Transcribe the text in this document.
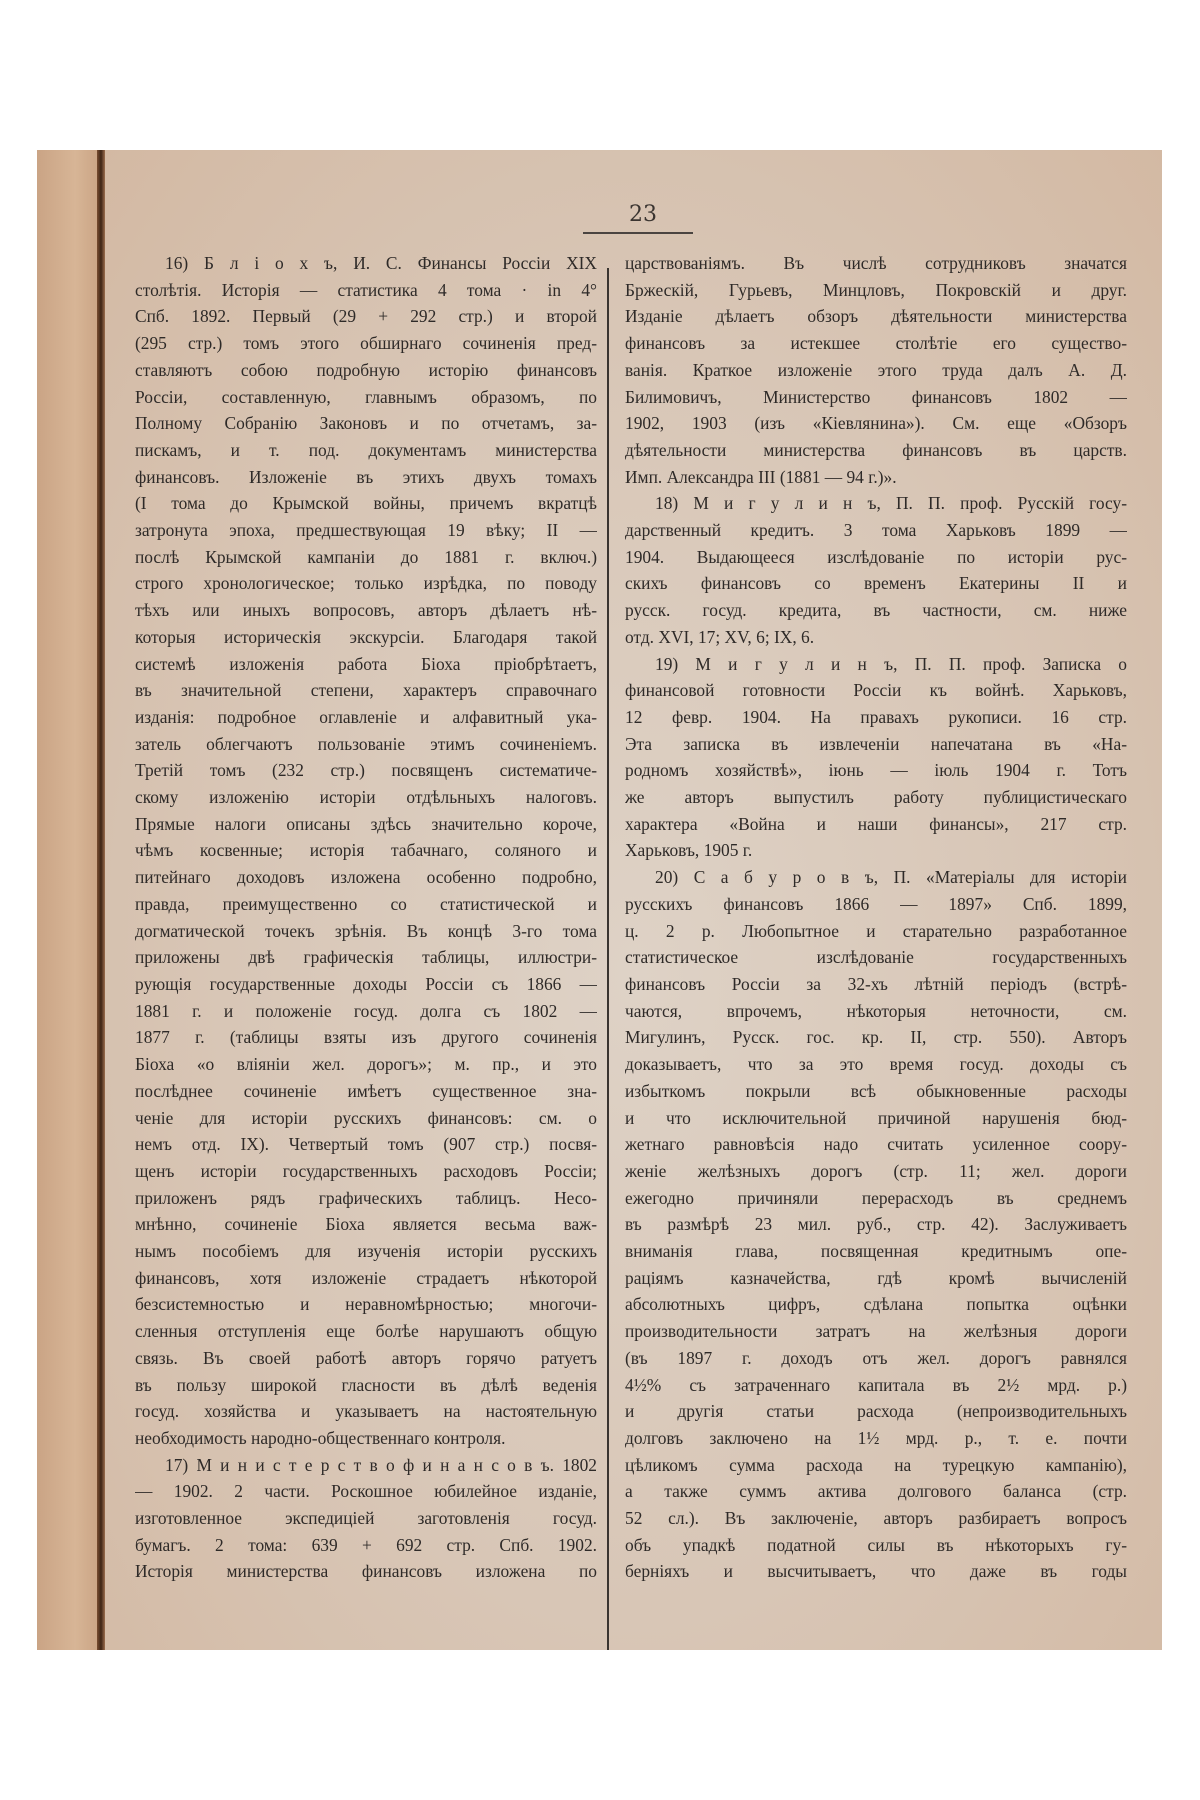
23
16) Б л і о х ъ, И. С. Финансы Россіи XIX
столѣтія. Исторія — статистика 4 тома · in 4°
Спб. 1892. Первый (29 + 292 стр.) и второй
(295 стр.) томъ этого обширнаго сочиненія пред-
ставляютъ собою подробную исторію финансовъ
Россіи, составленную, главнымъ образомъ, по
Полному Собранію Законовъ и по отчетамъ, за-
пискамъ, и т. под. документамъ министерства
финансовъ. Изложеніе въ этихъ двухъ томахъ
(I тома до Крымской войны, причемъ вкратцѣ
затронута эпоха, предшествующая 19 вѣку; II —
послѣ Крымской кампаніи до 1881 г. включ.)
строго хронологическое; только изрѣдка, по поводу
тѣхъ или иныхъ вопросовъ, авторъ дѣлаетъ нѣ-
которыя историческія экскурсіи. Благодаря такой
системѣ изложенія работа Біоха пріобрѣтаетъ,
въ значительной степени, характеръ справочнаго
изданія: подробное оглавленіе и алфавитный ука-
затель облегчаютъ пользованіе этимъ сочиненіемъ.
Третій томъ (232 стр.) посвященъ систематиче-
скому изложенію исторіи отдѣльныхъ налоговъ.
Прямые налоги описаны здѣсь значительно короче,
чѣмъ косвенные; исторія табачнаго, соляного и
питейнаго доходовъ изложена особенно подробно,
правда, преимущественно со статистической и
догматической точекъ зрѣнія. Въ концѣ 3-го тома
приложены двѣ графическія таблицы, иллюстри-
рующія государственные доходы Россіи съ 1866 —
1881 г. и положеніе госуд. долга съ 1802 —
1877 г. (таблицы взяты изъ другого сочиненія
Біоха «о вліяніи жел. дорогъ»; м. пр., и это
послѣднее сочиненіе имѣетъ существенное зна-
ченіе для исторіи русскихъ финансовъ: см. о
немъ отд. IX). Четвертый томъ (907 стр.) посвя-
щенъ исторіи государственныхъ расходовъ Россіи;
приложенъ рядъ графическихъ таблицъ. Несо-
мнѣнно, сочиненіе Біоха является весьма важ-
нымъ пособіемъ для изученія исторіи русскихъ
финансовъ, хотя изложеніе страдаетъ нѣкоторой
безсистемностью и неравномѣрностью; многочи-
сленныя отступленія еще болѣе нарушаютъ общую
связь. Въ своей работѣ авторъ горячо ратуетъ
въ пользу широкой гласности въ дѣлѣ веденія
госуд. хозяйства и указываетъ на настоятельную
необходимость народно-общественнаго контроля.
17) М и н и с т е р с т в о ф и н а н с о в ъ. 1802
— 1902. 2 части. Роскошное юбилейное изданіе,
изготовленное экспедиціей заготовленія госуд.
бумагъ. 2 тома: 639 + 692 стр. Спб. 1902.
Исторія министерства финансовъ изложена по
царствованіямъ. Въ числѣ сотрудниковъ значатся
Бржескій, Гурьевъ, Минцловъ, Покровскій и друг.
Изданіе дѣлаетъ обзоръ дѣятельности министерства
финансовъ за истекшее столѣтіе его существо-
ванія. Краткое изложеніе этого труда далъ А. Д.
Билимовичъ, Министерство финансовъ 1802 —
1902, 1903 (изъ «Кіевлянина»). См. еще «Обзоръ
дѣятельности министерства финансовъ въ царств.
Имп. Александра III (1881 — 94 г.)».
18) М и г у л и н ъ, П. П. проф. Русскій госу-
дарственный кредитъ. 3 тома Харьковъ 1899 —
1904. Выдающееся изслѣдованіе по исторіи рус-
скихъ финансовъ со временъ Екатерины II и
русск. госуд. кредита, въ частности, см. ниже
отд. XVI, 17; XV, 6; IX, 6.
19) М и г у л и н ъ, П. П. проф. Записка о
финансовой готовности Россіи къ войнѣ. Харьковъ,
12 февр. 1904. На правахъ рукописи. 16 стр.
Эта записка въ извлеченіи напечатана въ «На-
родномъ хозяйствѣ», іюнь — іюль 1904 г. Тотъ
же авторъ выпустилъ работу публицистическаго
характера «Война и наши финансы», 217 стр.
Харьковъ, 1905 г.
20) С а б у р о в ъ, П. «Матеріалы для исторіи
русскихъ финансовъ 1866 — 1897» Спб. 1899,
ц. 2 р. Любопытное и старательно разработанное
статистическое изслѣдованіе государственныхъ
финансовъ Россіи за 32-хъ лѣтній періодъ (встрѣ-
чаются, впрочемъ, нѣкоторыя неточности, см.
Мигулинъ, Русск. гос. кр. II, стр. 550). Авторъ
доказываетъ, что за это время госуд. доходы съ
избыткомъ покрыли всѣ обыкновенные расходы
и что исключительной причиной нарушенія бюд-
жетнаго равновѣсія надо считать усиленное соору-
женіе желѣзныхъ дорогъ (стр. 11; жел. дороги
ежегодно причиняли перерасходъ въ среднемъ
въ размѣрѣ 23 мил. руб., стр. 42). Заслуживаетъ
вниманія глава, посвященная кредитнымъ опе-
раціямъ казначейства, гдѣ кромѣ вычисленій
абсолютныхъ цифръ, сдѣлана попытка оцѣнки
производительности затратъ на желѣзныя дороги
(въ 1897 г. доходъ отъ жел. дорогъ равнялся
4½% съ затраченнаго капитала въ 2½ мрд. р.)
и другія статьи расхода (непроизводительныхъ
долговъ заключено на 1½ мрд. р., т. е. почти
цѣликомъ сумма расхода на турецкую кампанію),
а также суммъ актива долгового баланса (стр.
52 сл.). Въ заключеніе, авторъ разбираетъ вопросъ
объ упадкѣ податной силы въ нѣкоторыхъ гу-
берніяхъ и высчитываетъ, что даже въ годы
